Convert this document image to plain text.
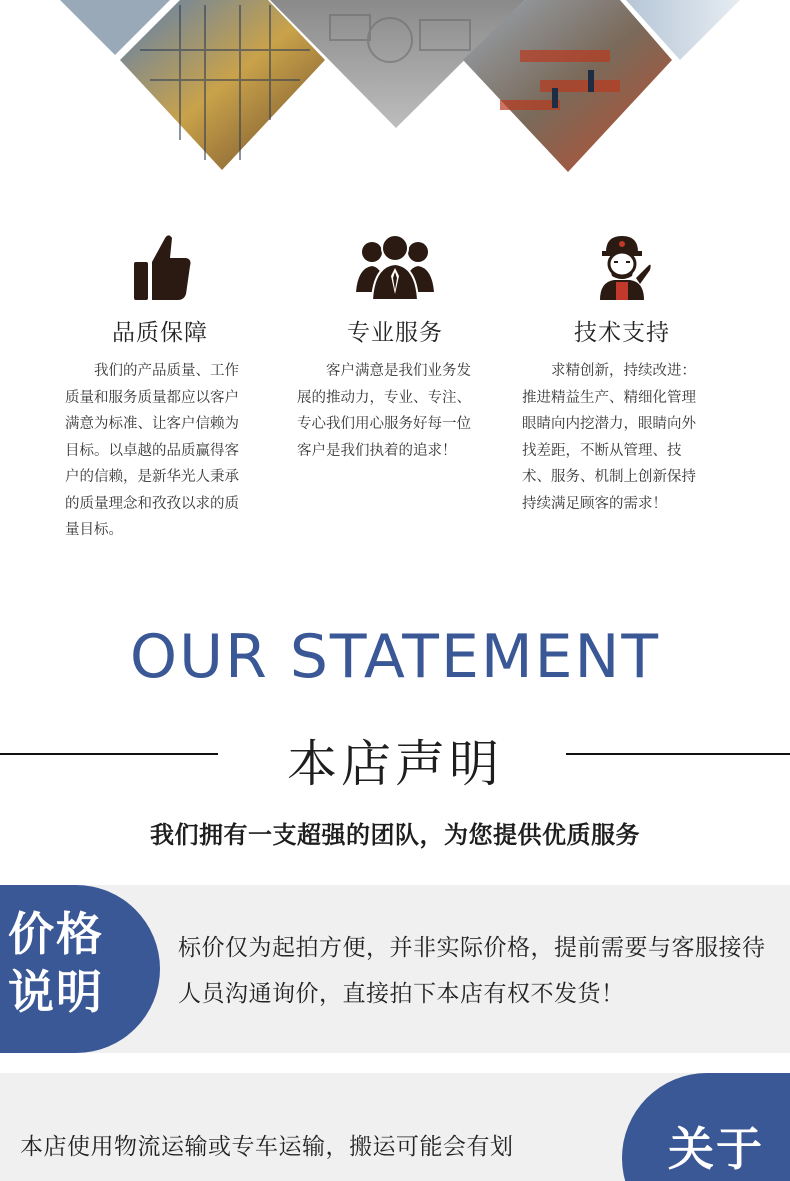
品质保障
我们的产品质量、工作质量和服务质量都应以客户满意为标准、让客户信赖为目标。以卓越的品质赢得客户的信赖，是新华光人秉承的质量理念和孜孜以求的质量目标。
专业服务
客户满意是我们业务发展的推动力，专业、专注、专心我们用心服务好每一位客户是我们执着的追求！
技术支持
求精创新，持续改进：推进精益生产、精细化管理眼睛向内挖潜力，眼睛向外找差距，不断从管理、技术、服务、机制上创新保持持续满足顾客的需求！
OUR STATEMENT
本店声明
我们拥有一支超强的团队，为您提供优质服务
价格说明
标价仅为起拍方便，并非实际价格，提前需要与客服接待人员沟通询价，直接拍下本店有权不发货！
关于
本店使用物流运输或专车运输，搬运可能会有划
